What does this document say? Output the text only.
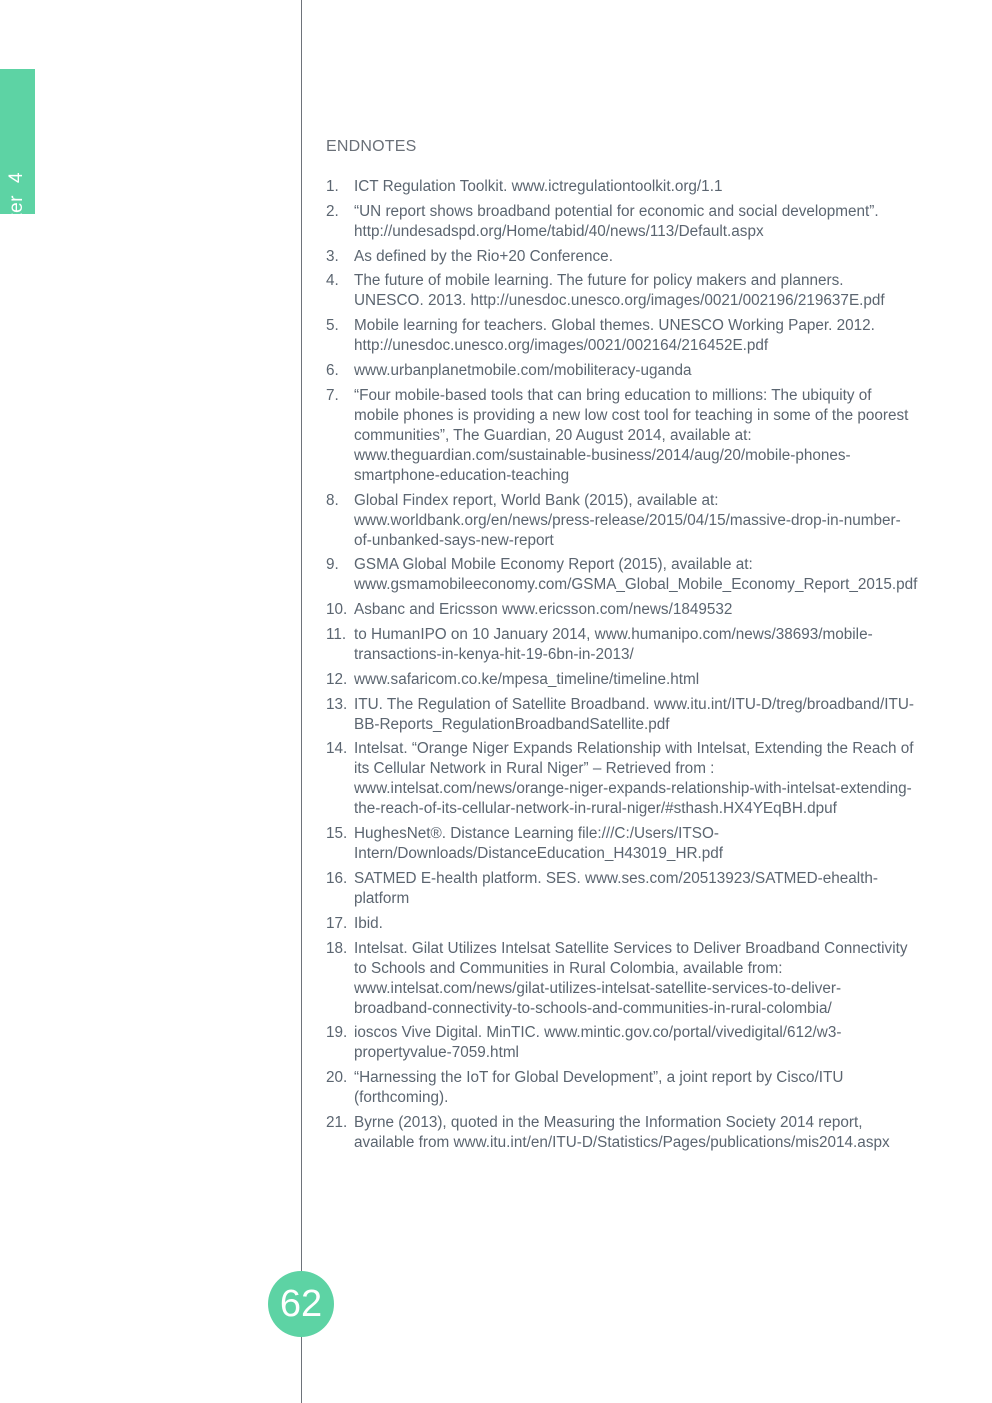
Chapter4
ENDNOTES
1. ICT Regulation Toolkit. www.ictregulationtoolkit.org/1.1
2. “UN report shows broadband potential for economic and social development”. http://undesadspd.org/Home/tabid/40/news/113/Default.aspx
3. As defined by the Rio+20 Conference.
4. The future of mobile learning. The future for policy makers and planners. UNESCO. 2013. http://unesdoc.unesco.org/images/0021/002196/219637E.pdf
5. Mobile learning for teachers. Global themes. UNESCO Working Paper. 2012. http://unesdoc.unesco.org/images/0021/002164/216452E.pdf
6. www.urbanplanetmobile.com/mobiliteracy-uganda
7. “Four mobile-based tools that can bring education to millions: The ubiquity of mobile phones is providing a new low cost tool for teaching in some of the poorest communities”, The Guardian, 20 August 2014, available at: www.theguardian.com/sustainable-business/2014/aug/20/mobile-phones-smartphone-education-teaching
8. Global Findex report, World Bank (2015), available at: www.worldbank.org/en/news/press-release/2015/04/15/massive-drop-in-number-of-unbanked-says-new-report
9. GSMA Global Mobile Economy Report (2015), available at: www.gsmamobileeconomy.com/GSMA_Global_Mobile_Economy_Report_2015.pdf
10. Asbanc and Ericsson www.ericsson.com/news/1849532
11. to HumanIPO on 10 January 2014, www.humanipo.com/news/38693/mobile-transactions-in-kenya-hit-19-6bn-in-2013/
12. www.safaricom.co.ke/mpesa_timeline/timeline.html
13. ITU. The Regulation of Satellite Broadband. www.itu.int/ITU-D/treg/broadband/ITU-BB-Reports_RegulationBroadbandSatellite.pdf
14. Intelsat. “Orange Niger Expands Relationship with Intelsat, Extending the Reach of its Cellular Network in Rural Niger” – Retrieved from : www.intelsat.com/news/orange-niger-expands-relationship-with-intelsat-extending-the-reach-of-its-cellular-network-in-rural-niger/#sthash.HX4YEqBH.dpuf
15. HughesNet®. Distance Learning file:///C:/Users/ITSO-Intern/Downloads/DistanceEducation_H43019_HR.pdf
16. SATMED E-health platform. SES. www.ses.com/20513923/SATMED-ehealth-platform
17. Ibid.
18. Intelsat. Gilat Utilizes Intelsat Satellite Services to Deliver Broadband Connectivity to Schools and Communities in Rural Colombia, available from: www.intelsat.com/news/gilat-utilizes-intelsat-satellite-services-to-deliver-broadband-connectivity-to-schools-and-communities-in-rural-colombia/
19. ioscos Vive Digital. MinTIC. www.mintic.gov.co/portal/vivedigital/612/w3-propertyvalue-7059.html
20. “Harnessing the IoT for Global Development”, a joint report by Cisco/ITU (forthcoming).
21. Byrne (2013), quoted in the Measuring the Information Society 2014 report, available from www.itu.int/en/ITU-D/Statistics/Pages/publications/mis2014.aspx
62
